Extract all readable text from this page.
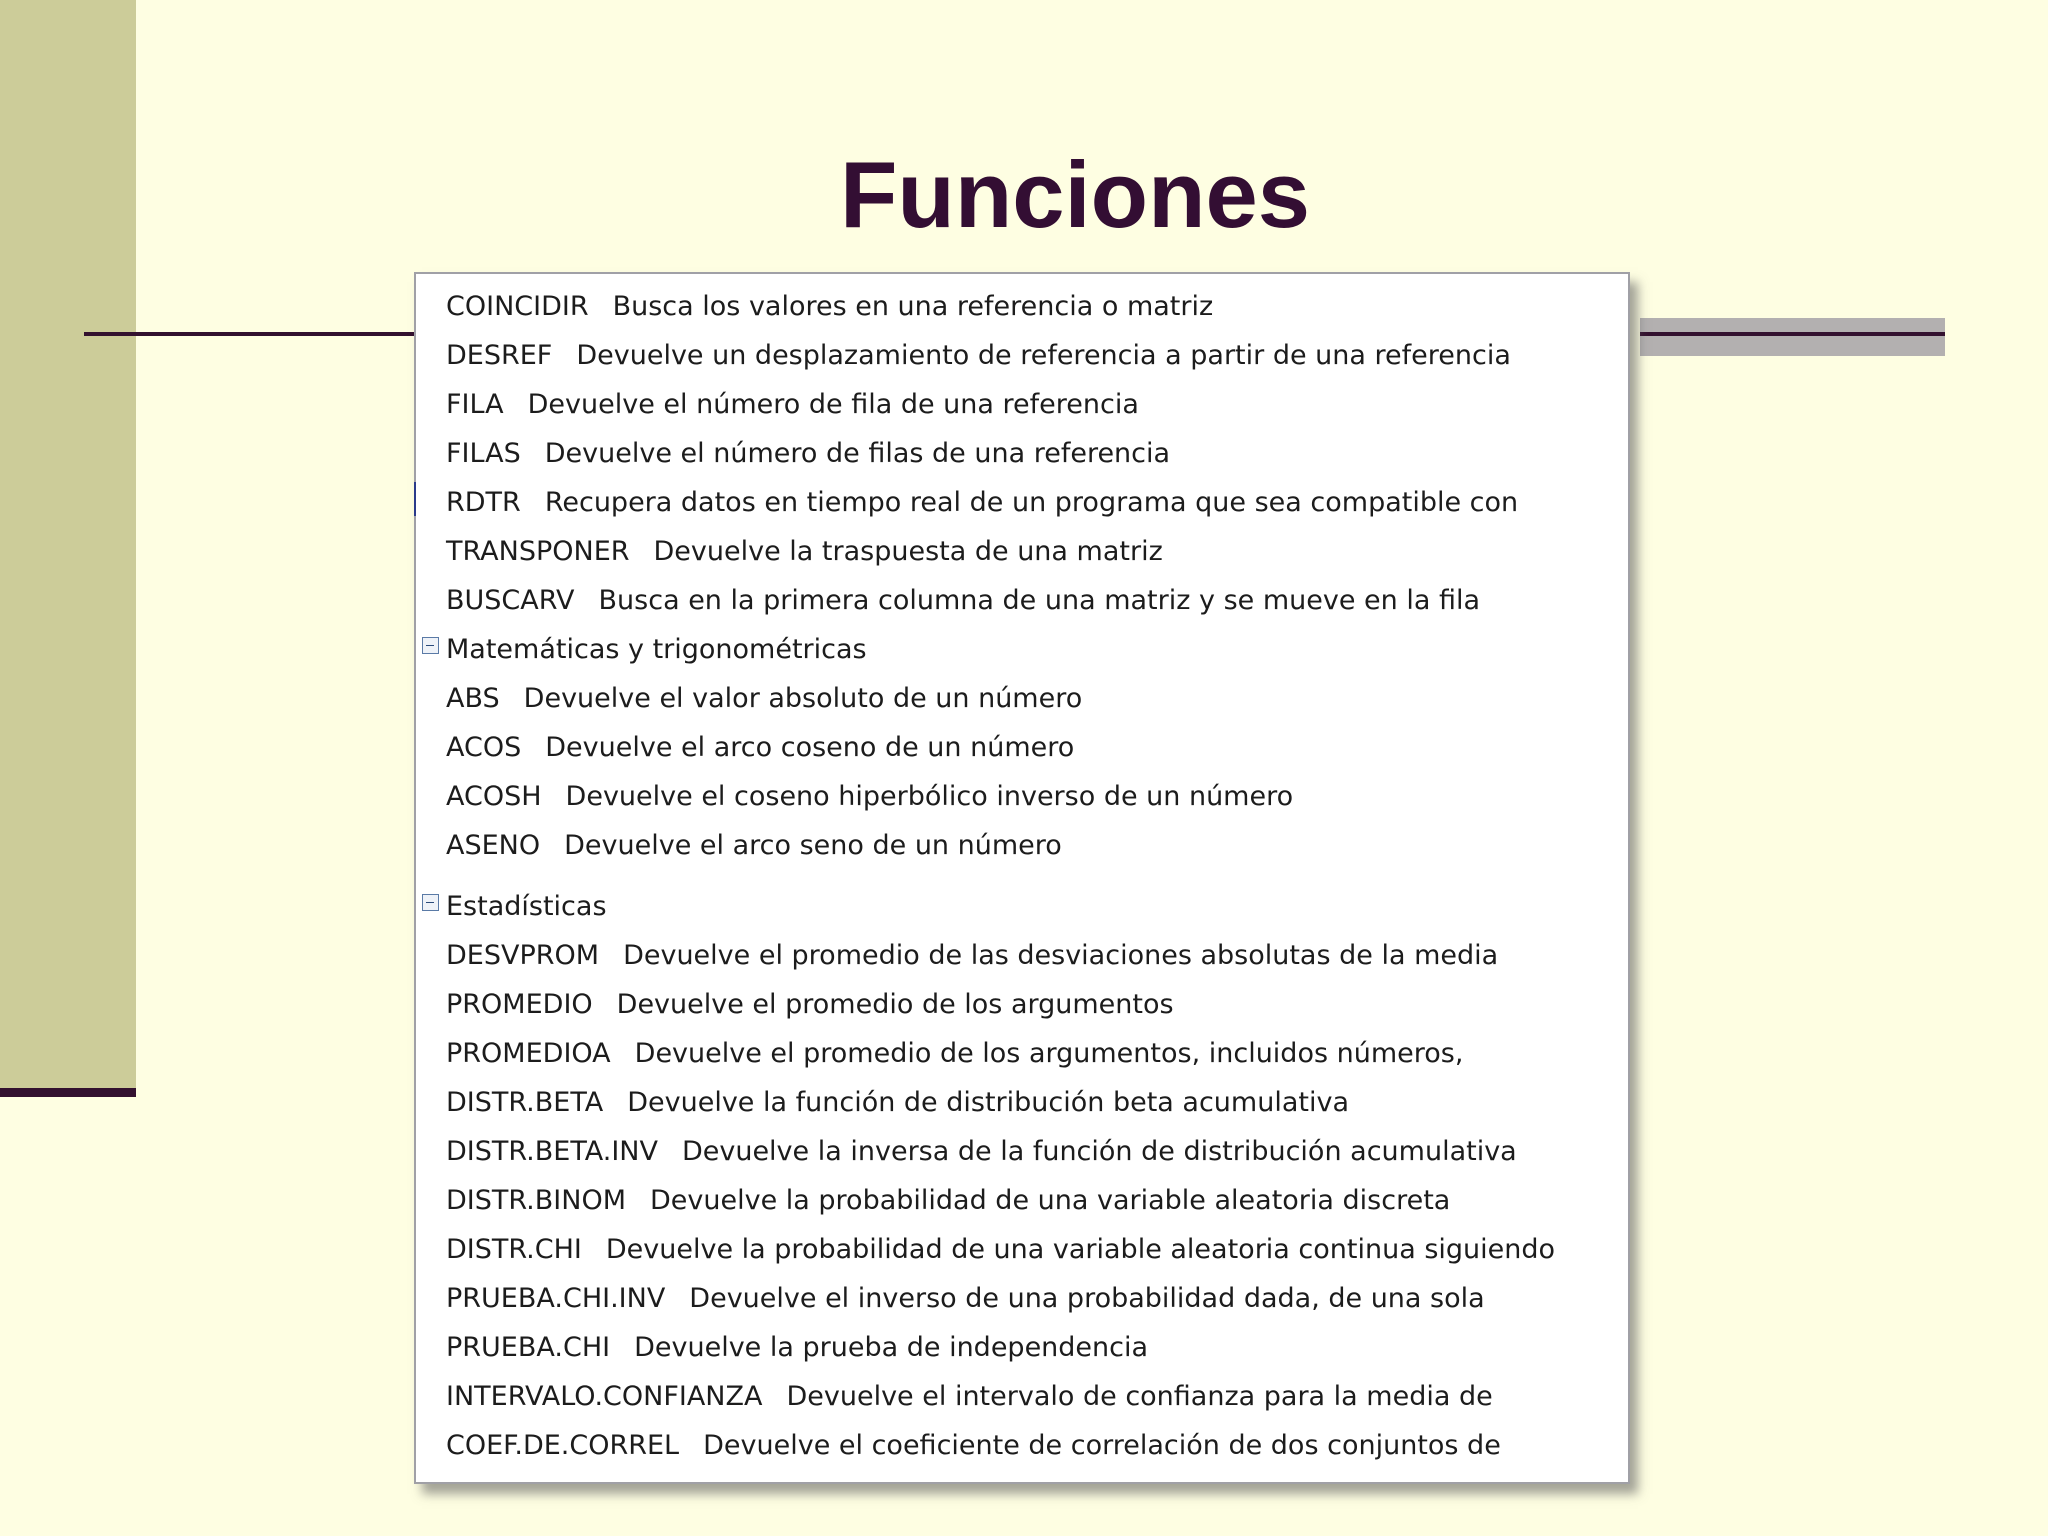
Funciones
COINCIDIR Busca los valores en una referencia o matriz
DESREF Devuelve un desplazamiento de referencia a partir de una referencia
FILA Devuelve el número de fila de una referencia
FILAS Devuelve el número de filas de una referencia
RDTR Recupera datos en tiempo real de un programa que sea compatible con
TRANSPONER Devuelve la traspuesta de una matriz
BUSCARV Busca en la primera columna de una matriz y se mueve en la fila
Matemáticas y trigonométricas
ABS Devuelve el valor absoluto de un número
ACOS Devuelve el arco coseno de un número
ACOSH Devuelve el coseno hiperbólico inverso de un número
ASENO Devuelve el arco seno de un número
Estadísticas
DESVPROM Devuelve el promedio de las desviaciones absolutas de la media
PROMEDIO Devuelve el promedio de los argumentos
PROMEDIOA Devuelve el promedio de los argumentos, incluidos números,
DISTR.BETA Devuelve la función de distribución beta acumulativa
DISTR.BETA.INV Devuelve la inversa de la función de distribución acumulativa
DISTR.BINOM Devuelve la probabilidad de una variable aleatoria discreta
DISTR.CHI Devuelve la probabilidad de una variable aleatoria continua siguiendo
PRUEBA.CHI.INV Devuelve el inverso de una probabilidad dada, de una sola
PRUEBA.CHI Devuelve la prueba de independencia
INTERVALO.CONFIANZA Devuelve el intervalo de confianza para la media de
COEF.DE.CORREL Devuelve el coeficiente de correlación de dos conjuntos de
